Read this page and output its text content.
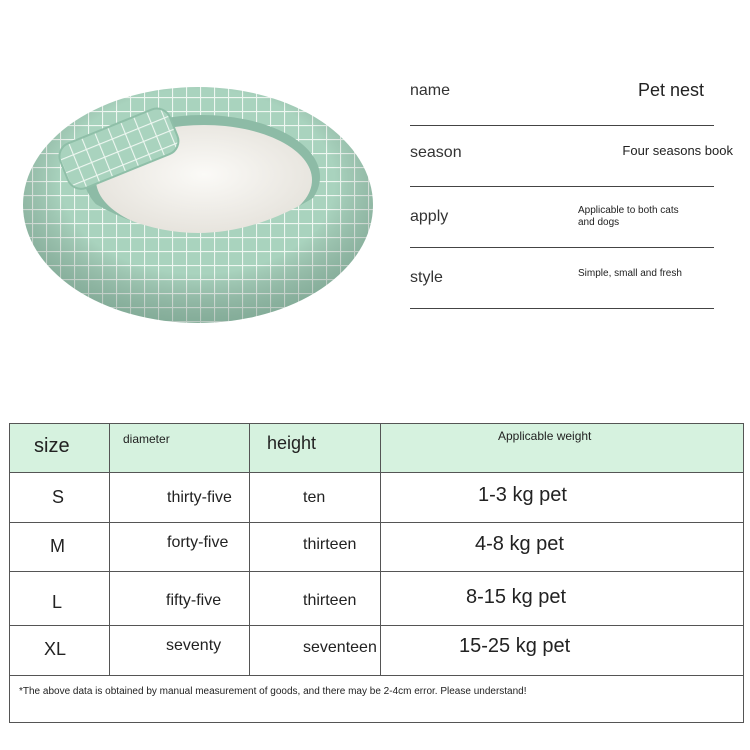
name	Pet nest
season	Four seasons book
apply	Applicable to both cats and dogs
style	Simple, small and fresh
size	diameter	height	Applicable weight
S	thirty-five	ten	1-3 kg pet
M	forty-five	thirteen	4-8 kg pet
L	fifty-five	thirteen	8-15 kg pet
XL	seventy	seventeen	15-25 kg pet
*The above data is obtained by manual measurement of goods, and there may be 2-4cm error. Please understand!
